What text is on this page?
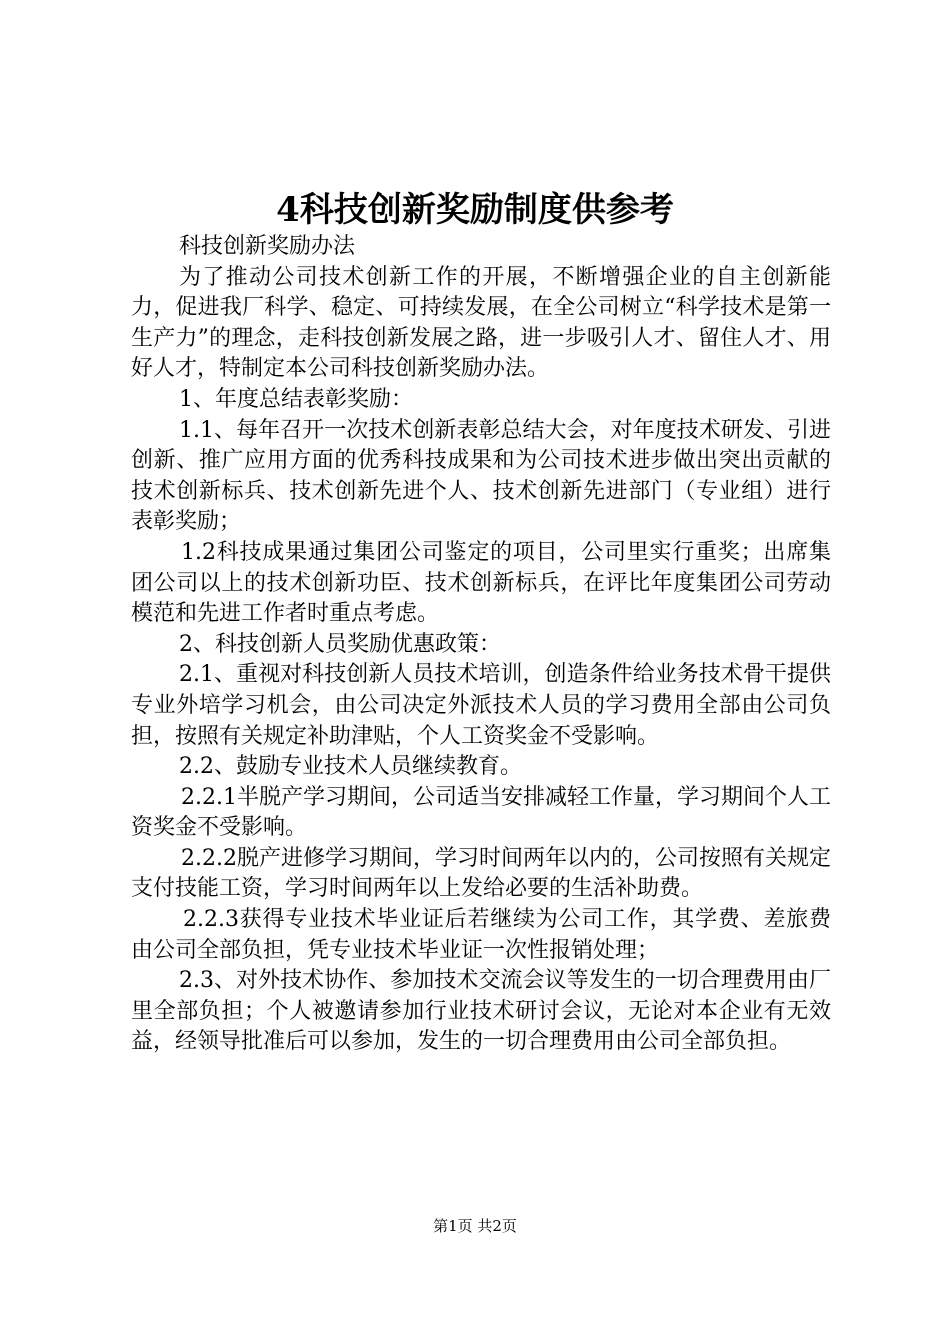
4科技创新奖励制度供参考

科技创新奖励办法

为了推动公司技术创新工作的开展，不断增强企业的自主创新能力，促进我厂科学、稳定、可持续发展，在全公司树立“科学技术是第一生产力”的理念，走科技创新发展之路，进一步吸引人才、留住人才、用好人才，特制定本公司科技创新奖励办法。

1、年度总结表彰奖励：

1.1、每年召开一次技术创新表彰总结大会，对年度技术研发、引进创新、推广应用方面的优秀科技成果和为公司技术进步做出突出贡献的技术创新标兵、技术创新先进个人、技术创新先进部门（专业组）进行表彰奖励；

1.2科技成果通过集团公司鉴定的项目，公司里实行重奖；出席集团公司以上的技术创新功臣、技术创新标兵，在评比年度集团公司劳动模范和先进工作者时重点考虑。

2、科技创新人员奖励优惠政策：

2.1、重视对科技创新人员技术培训，创造条件给业务技术骨干提供专业外培学习机会，由公司决定外派技术人员的学习费用全部由公司负担，按照有关规定补助津贴，个人工资奖金不受影响。

2.2、鼓励专业技术人员继续教育。

2.2.1半脱产学习期间，公司适当安排减轻工作量，学习期间个人工资奖金不受影响。

2.2.2脱产进修学习期间，学习时间两年以内的，公司按照有关规定支付技能工资，学习时间两年以上发给必要的生活补助费。

2.2.3获得专业技术毕业证后若继续为公司工作，其学费、差旅费由公司全部负担，凭专业技术毕业证一次性报销处理；

2.3、对外技术协作、参加技术交流会议等发生的一切合理费用由厂里全部负担；个人被邀请参加行业技术研讨会议，无论对本企业有无效益，经领导批准后可以参加，发生的一切合理费用由公司全部负担。

第1页 共2页
